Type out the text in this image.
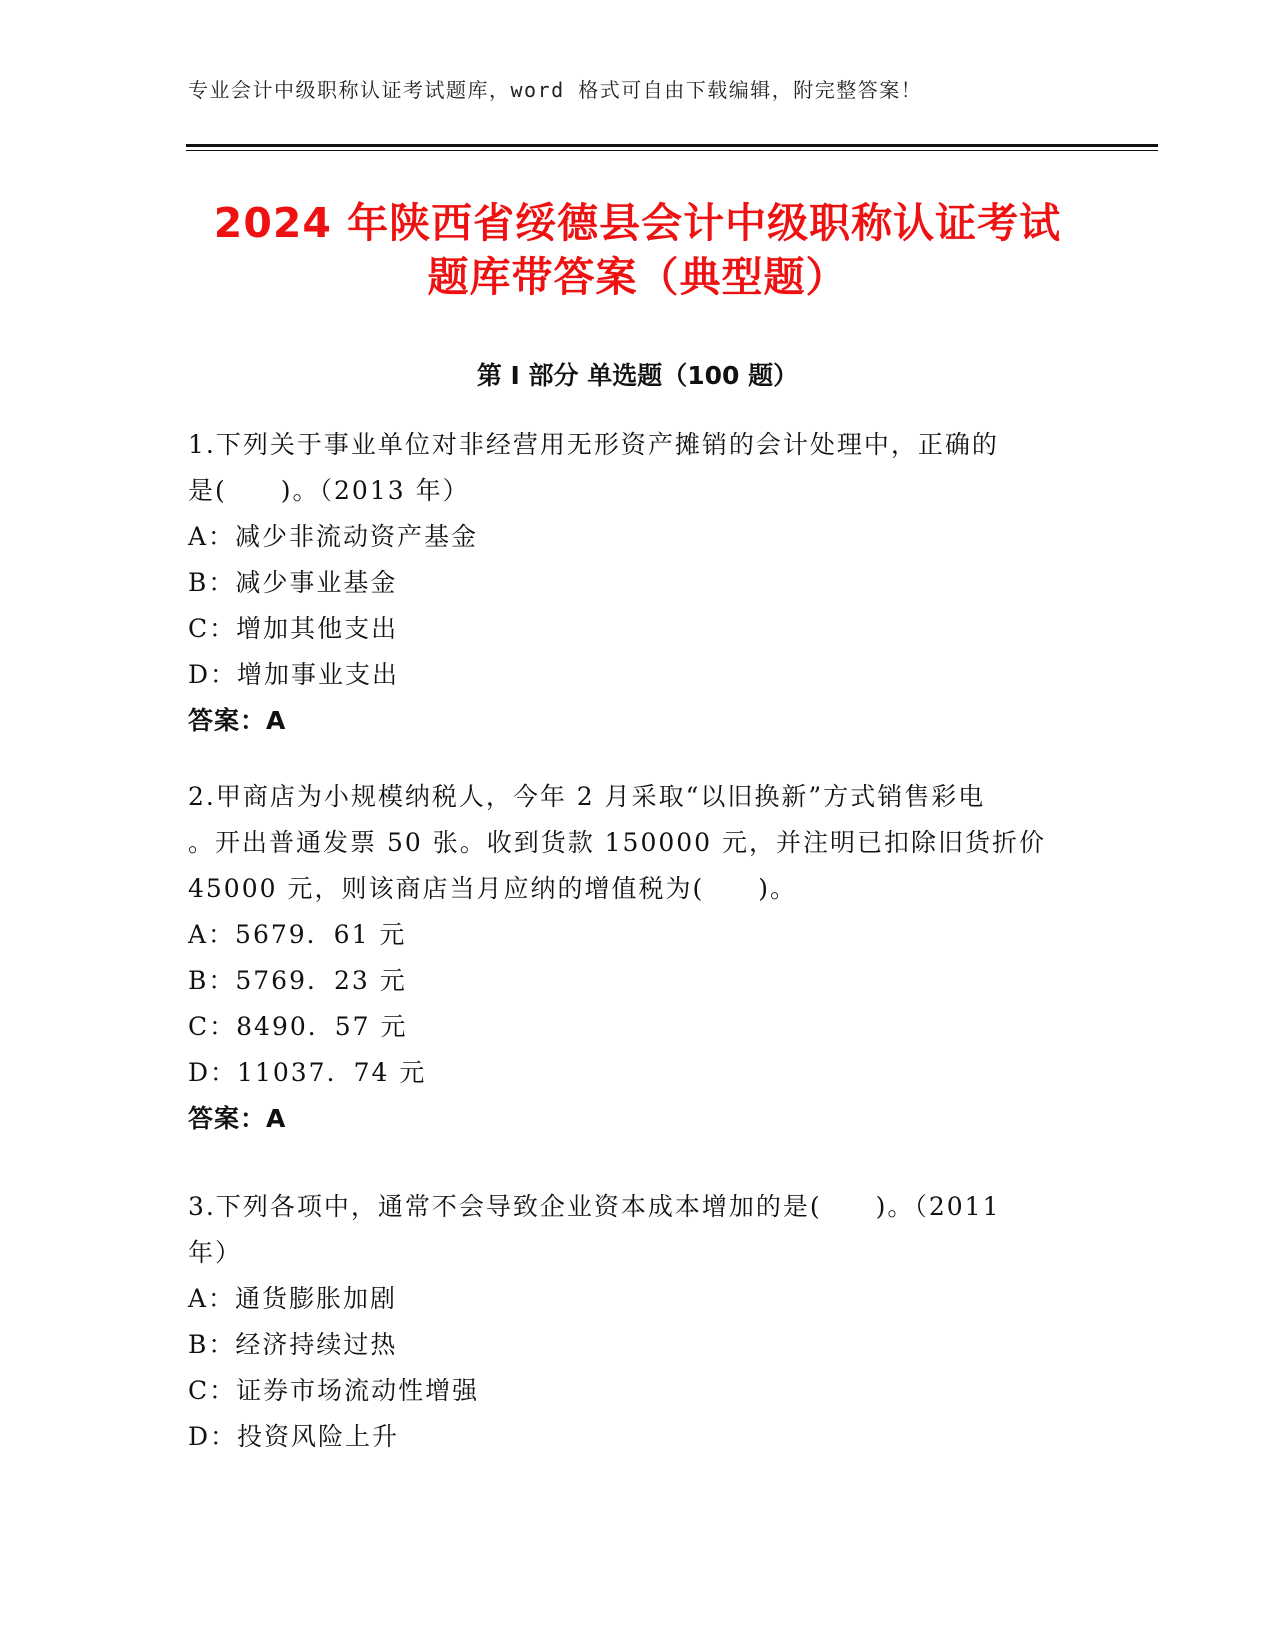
专业会计中级职称认证考试题库，word 格式可自由下载编辑，附完整答案！
2024 年陕西省绥德县会计中级职称认证考试
题库带答案（典型题）
第 I 部分 单选题（100 题）
1.下列关于事业单位对非经营用无形资产摊销的会计处理中，正确的
是(　　)。（2013 年）
A：减少非流动资产基金
B：减少事业基金
C：增加其他支出
D：增加事业支出
答案：A
2.甲商店为小规模纳税人，今年 2 月采取“以旧换新”方式销售彩电
。开出普通发票 50 张。收到货款 150000 元，并注明已扣除旧货折价
45000 元，则该商店当月应纳的增值税为(　　)。
A：5679．61 元
B：5769．23 元
C：8490．57 元
D：11037．74 元
答案：A
3.下列各项中，通常不会导致企业资本成本增加的是(　　)。（2011
年）
A：通货膨胀加剧
B：经济持续过热
C：证券市场流动性增强
D：投资风险上升
